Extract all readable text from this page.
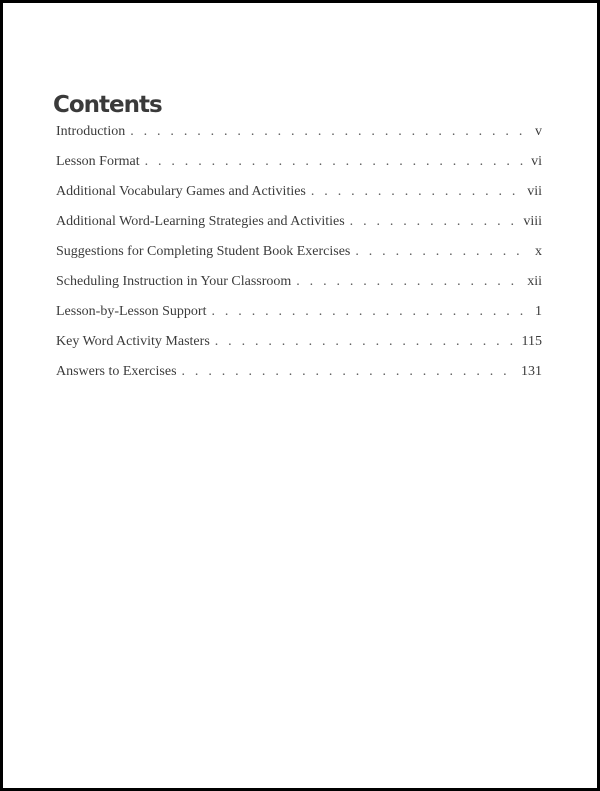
Contents
Introduction . . .	v
Lesson Format . . .	vi
Additional Vocabulary Games and Activities . . .	vii
Additional Word-Learning Strategies and Activities . . .	viii
Suggestions for Completing Student Book Exercises . . .	x
Scheduling Instruction in Your Classroom . . .	xii
Lesson-by-Lesson Support . . .	1
Key Word Activity Masters . . .	115
Answers to Exercises . . .	131
